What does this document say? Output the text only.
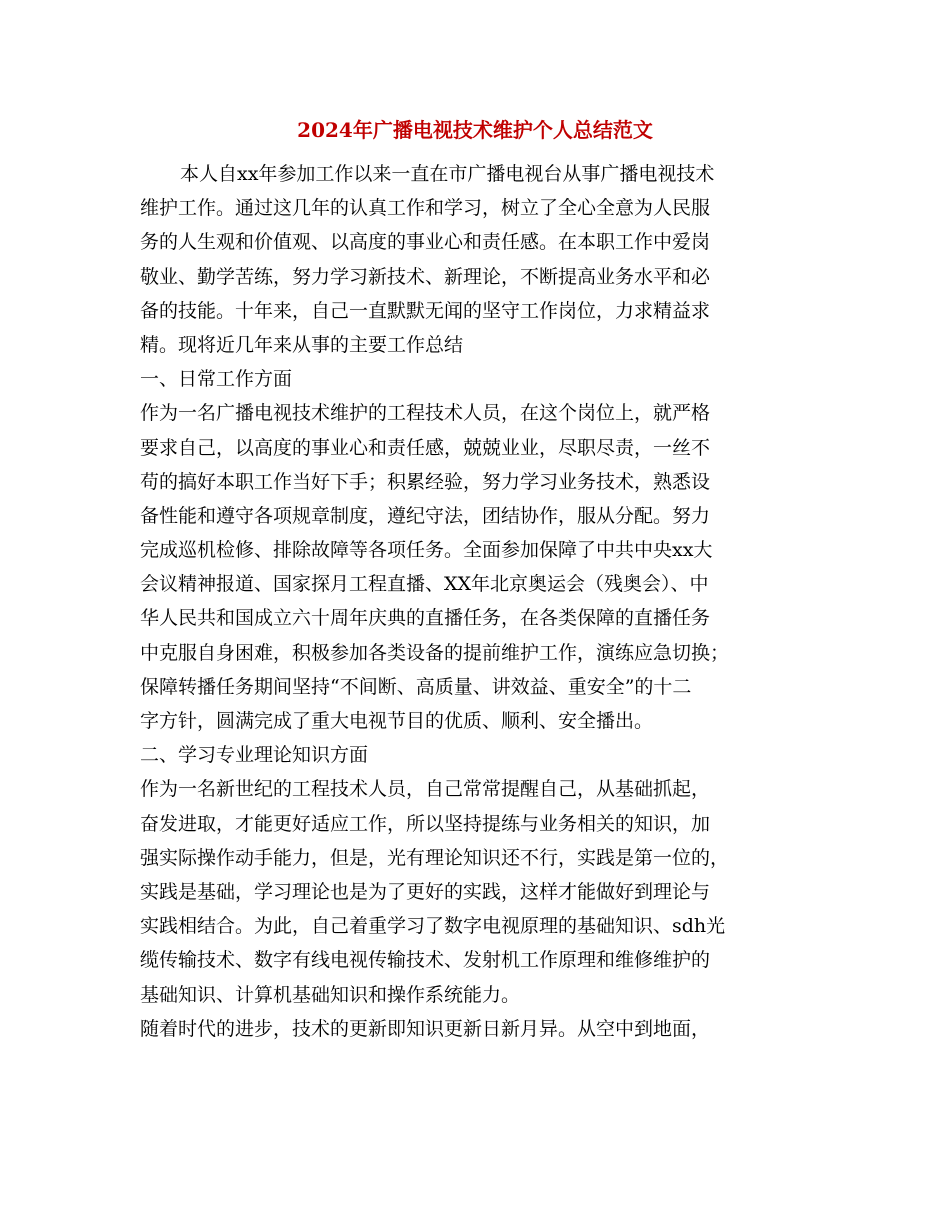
2024年广播电视技术维护个人总结范文
本人自xx年参加工作以来一直在市广播电视台从事广播电视技术
维护工作。通过这几年的认真工作和学习，树立了全心全意为人民服
务的人生观和价值观、以高度的事业心和责任感。在本职工作中爱岗
敬业、勤学苦练，努力学习新技术、新理论，不断提高业务水平和必
备的技能。十年来，自己一直默默无闻的坚守工作岗位，力求精益求
精。现将近几年来从事的主要工作总结
一、日常工作方面
作为一名广播电视技术维护的工程技术人员，在这个岗位上，就严格
要求自己，以高度的事业心和责任感，兢兢业业，尽职尽责，一丝不
苟的搞好本职工作当好下手；积累经验，努力学习业务技术，熟悉设
备性能和遵守各项规章制度，遵纪守法，团结协作，服从分配。努力
完成巡机检修、排除故障等各项任务。全面参加保障了中共中央xx大
会议精神报道、国家探月工程直播、XX年北京奥运会（残奥会）、中
华人民共和国成立六十周年庆典的直播任务，在各类保障的直播任务
中克服自身困难，积极参加各类设备的提前维护工作，演练应急切换；
保障转播任务期间坚持“不间断、高质量、讲效益、重安全”的十二
字方针，圆满完成了重大电视节目的优质、顺利、安全播出。
二、学习专业理论知识方面
作为一名新世纪的工程技术人员，自己常常提醒自己，从基础抓起，
奋发进取，才能更好适应工作，所以坚持提练与业务相关的知识，加
强实际操作动手能力，但是，光有理论知识还不行，实践是第一位的，
实践是基础，学习理论也是为了更好的实践，这样才能做好到理论与
实践相结合。为此，自己着重学习了数字电视原理的基础知识、sdh光
缆传输技术、数字有线电视传输技术、发射机工作原理和维修维护的
基础知识、计算机基础知识和操作系统能力。
随着时代的进步，技术的更新即知识更新日新月异。从空中到地面，
